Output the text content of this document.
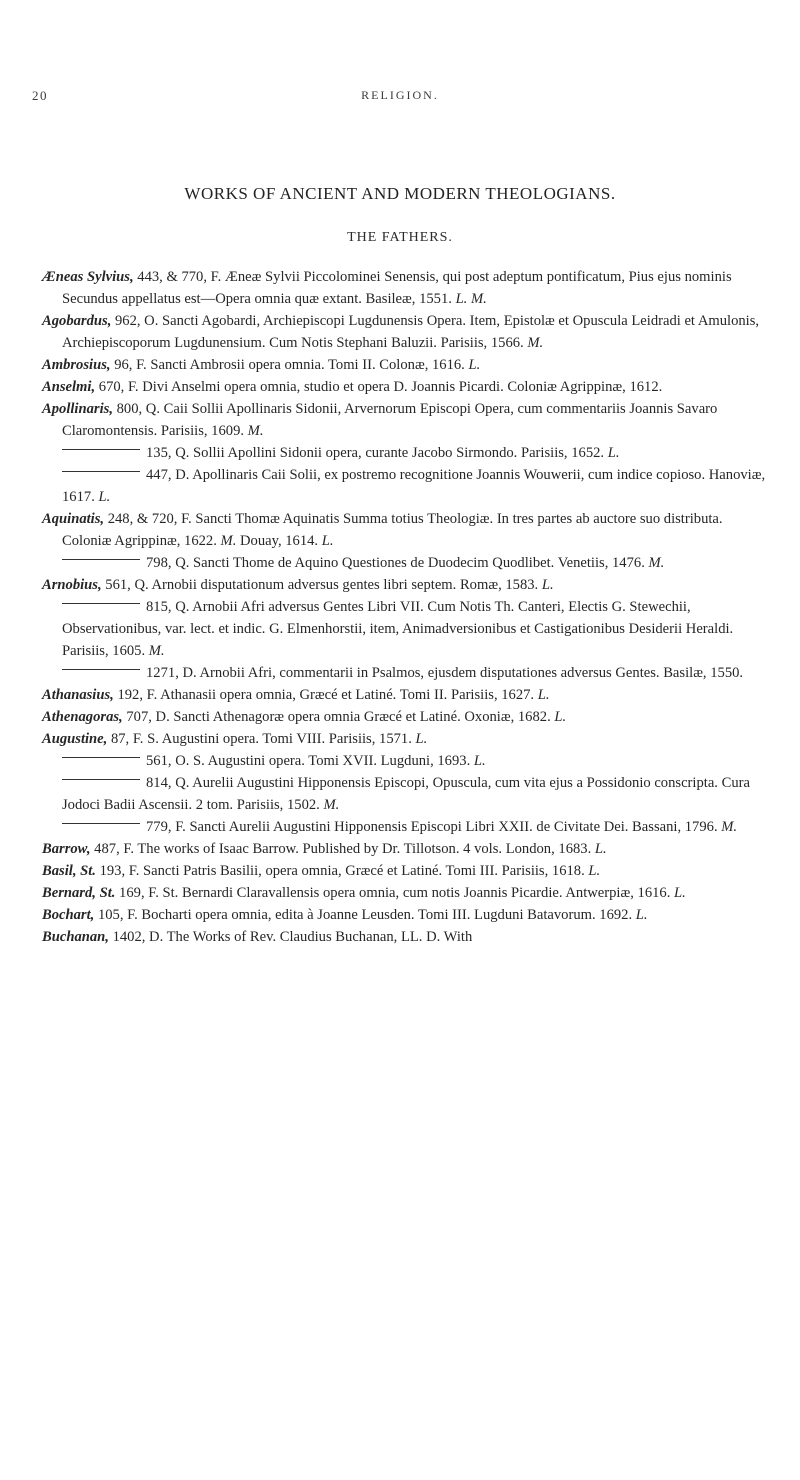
20	RELIGION.
WORKS OF ANCIENT AND MODERN THEOLOGIANS.
THE FATHERS.

Æneas Sylvius, 443, & 770, F. Æneæ Sylvii Piccolominei Senensis, qui post adeptum pontificatum, Pius ejus nominis Secundus appellatus est—Opera omnia quæ extant. Basileæ, 1551. L. M.

Agobardus, 962, O. Sancti Agobardi, Archiepiscopi Lugdunensis Opera. Item, Epistolæ et Opuscula Leidradi et Amulonis, Archiepiscoporum Lugdunensium. Cum Notis Stephani Baluzii. Parisiis, 1566. M.

Ambrosius, 96, F. Sancti Ambrosii opera omnia. Tomi II. Colonæ, 1616. L.

Anselmi, 670, F. Divi Anselmi opera omnia, studio et opera D. Joannis Picardi. Coloniæ Agrippinæ, 1612.

Apollinaris, 800, Q. Caii Sollii Apollinaris Sidonii, Arvernorum Episcopi Opera, cum commentariis Joannis Savaro Claromontensis. Parisiis, 1609. M.

135, Q. Sollii Apollini Sidonii opera, curante Jacobo Sirmondo. Parisiis, 1652. L.

447, D. Apollinaris Caii Solii, ex postremo recognitione Joannis Wouwerii, cum indice copioso. Hanoviæ, 1617. L.

Aquinatis, 248, & 720, F. Sancti Thomæ Aquinatis Summa totius Theologiæ. In tres partes ab auctore suo distributa. Coloniæ Agrippinæ, 1622. M. Douay, 1614. L.

798, Q. Sancti Thome de Aquino Questiones de Duodecim Quodlibet. Venetiis, 1476. M.

Arnobius, 561, Q. Arnobii disputationum adversus gentes libri septem. Romæ, 1583. L.

815, Q. Arnobii Afri adversus Gentes Libri VII. Cum Notis Th. Canteri, Electis G. Stewechii, Observationibus, var. lect. et indic. G. Elmenhorstii, item, Animadversionibus et Castigationibus Desiderii Heraldi. Parisiis, 1605. M.

1271, D. Arnobii Afri, commentarii in Psalmos, ejusdem disputationes adversus Gentes. Basilæ, 1550.

Athanasius, 192, F. Athanasii opera omnia, Græcé et Latiné. Tomi II. Parisiis, 1627. L.

Athenagoras, 707, D. Sancti Athenagoræ opera omnia Græcé et Latiné. Oxoniæ, 1682. L.

Augustine, 87, F. S. Augustini opera. Tomi VIII. Parisiis, 1571. L.

561, O. S. Augustini opera. Tomi XVII. Lugduni, 1693. L.

814, Q. Aurelii Augustini Hipponensis Episcopi, Opuscula, cum vita ejus a Possidonio conscripta. Cura Jodoci Badii Ascensii. 2 tom. Parisiis, 1502. M.

779, F. Sancti Aurelii Augustini Hipponensis Episcopi Libri XXII. de Civitate Dei. Bassani, 1796. M.

Barrow, 487, F. The works of Isaac Barrow. Published by Dr. Tillotson. 4 vols. London, 1683. L.

Basil, St. 193, F. Sancti Patris Basilii, opera omnia, Græcé et Latiné. Tomi III. Parisiis, 1618. L.

Bernard, St. 169, F. St. Bernardi Claravallensis opera omnia, cum notis Joannis Picardie. Antwerpiæ, 1616. L.

Bochart, 105, F. Bocharti opera omnia, edita à Joanne Leusden. Tomi III. Lugduni Batavorum. 1692. L.

Buchanan, 1402, D. The Works of Rev. Claudius Buchanan, LL. D. With
